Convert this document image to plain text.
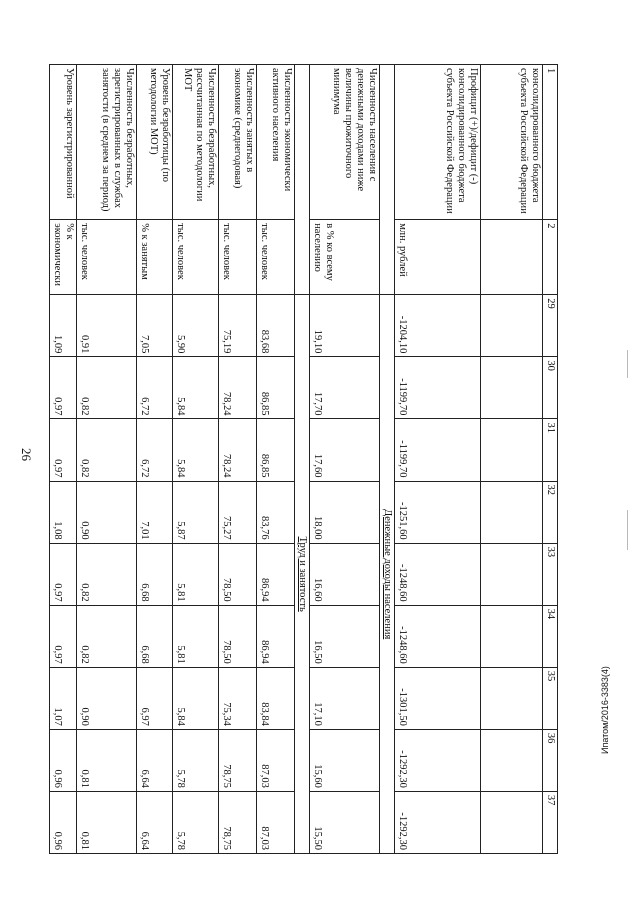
26
1	2	29	30	31	32	33	34	35	36	37
консолидированного бюджета субъекта Российской Федерации										
Профицит (+)/дефицит (-) консолидированного бюджета субъекта Российской Федерации	млн. рублей	-1204,10	-1199,70	-1199,70	-1251,60	-1248,60	-1248,60	-1301,50	-1292,30	-1292,30
		Денежные доходы населения								
Численность населения с денежными доходами ниже величины прожиточного минимума	в % ко всему населению	19,10	17,70	17,60	18,00	16,60	16,50	17,10	15,60	15,50
		Труд и занятость								
Численность экономически активного населения	тыс. человек	83,68	86,85	86,85	83,76	86,94	86,94	83,84	87,03	87,03
Численность занятых в экономике (среднегодовая)	тыс. человек	75,19	78,24	78,24	75,27	78,50	78,50	75,34	78,75	78,75
Численность безработных, рассчитанная по методологии МОТ	тыс. человек	5,90	5,84	5,84	5,87	5,81	5,81	5,84	5,78	5,78
Уровень безработицы (по методологии МОТ)	% к занятым	7,05	6,72	6,72	7,01	6,68	6,68	6,97	6,64	6,64
Численность безработных, зарегистрированных в службах занятости (в среднем за период)	тыс. человек	0,91	0,82	0,82	0,90	0,82	0,82	0,90	0,81	0,81
Уровень зарегистрированной	% к экономически	1,09	0,97	0,97	1,08	0,97	0,97	1,07	0,96	0,96
Ипатом/2016-3383(4)
